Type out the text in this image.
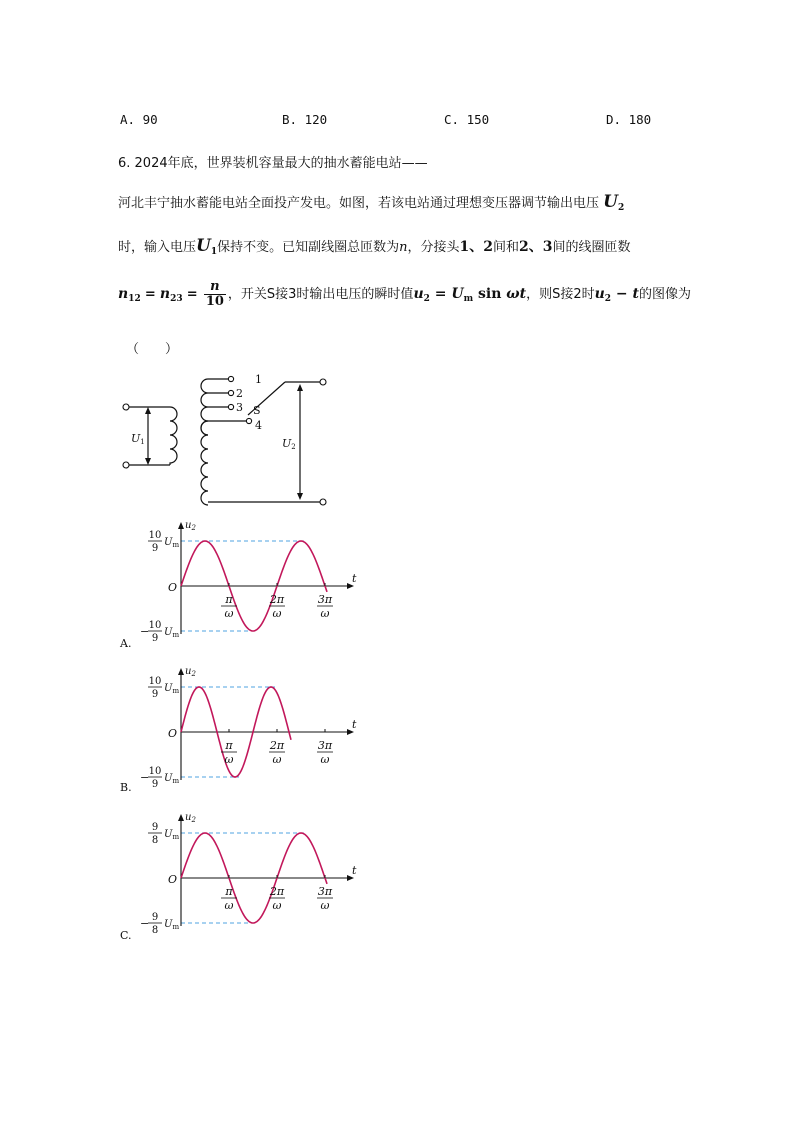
A. 90	B. 120	C. 150	D. 180
6. 2024年底，世界装机容量最大的抽水蓄能电站——
河北丰宁抽水蓄能电站全面投产发电。如图，若该电站通过理想变压器调节输出电压 $U_2$
时，输入电压$U_1$保持不变。已知副线圈总匝数为n，分接头1、2间和2、3间的线圈匝数
$n_{12} = n_{23} = \frac{n}{10}$ ，开关S接3时输出电压的瞬时值$u_2 = U_m$ sin ωt，则S接2时$u_2 - t$的图像为
（　　）
1
2
3
4
S
U1	U2
$u_2$
t
O
10
9
$U_m$
− 10
9
$U_m$
π
ω
2π
ω
3π
ω
A.
$u_2$
t
O
10
9
$U_m$
− 10
9
$U_m$
π
ω
2π
ω
3π
ω
B.
$u_2$
t
O
9
8
$U_m$
− 9
8
$U_m$
π
ω
2π
ω
3π
ω
C.
